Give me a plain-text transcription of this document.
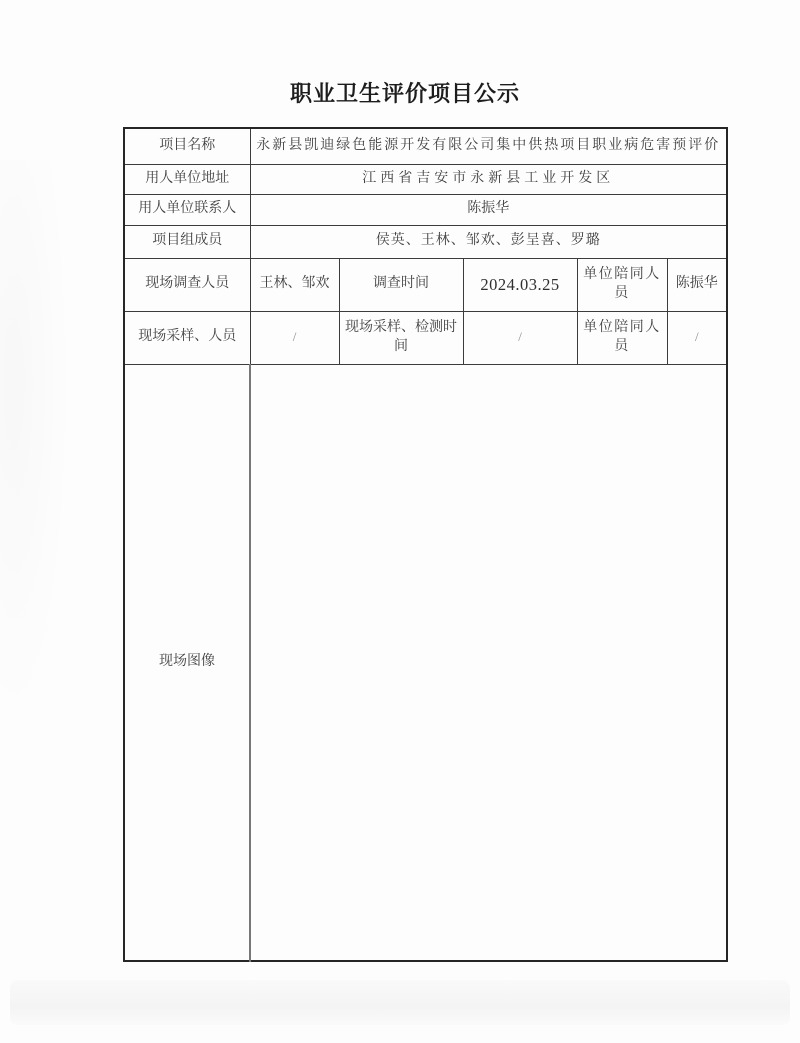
职业卫生评价项目公示
项目名称	永新县凯迪绿色能源开发有限公司集中供热项目职业病危害预评价				
用人单位地址	江西省吉安市永新县工业开发区				
用人单位联系人	陈振华				
项目组成员	侯英、王林、邹欢、彭呈喜、罗璐				
现场调查人员	王林、邹欢	调查时间	2024.03.25	单位陪同人员	陈振华
现场采样、人员	/	现场采样、检测时间	/	单位陪同人员	/
现场图像					
